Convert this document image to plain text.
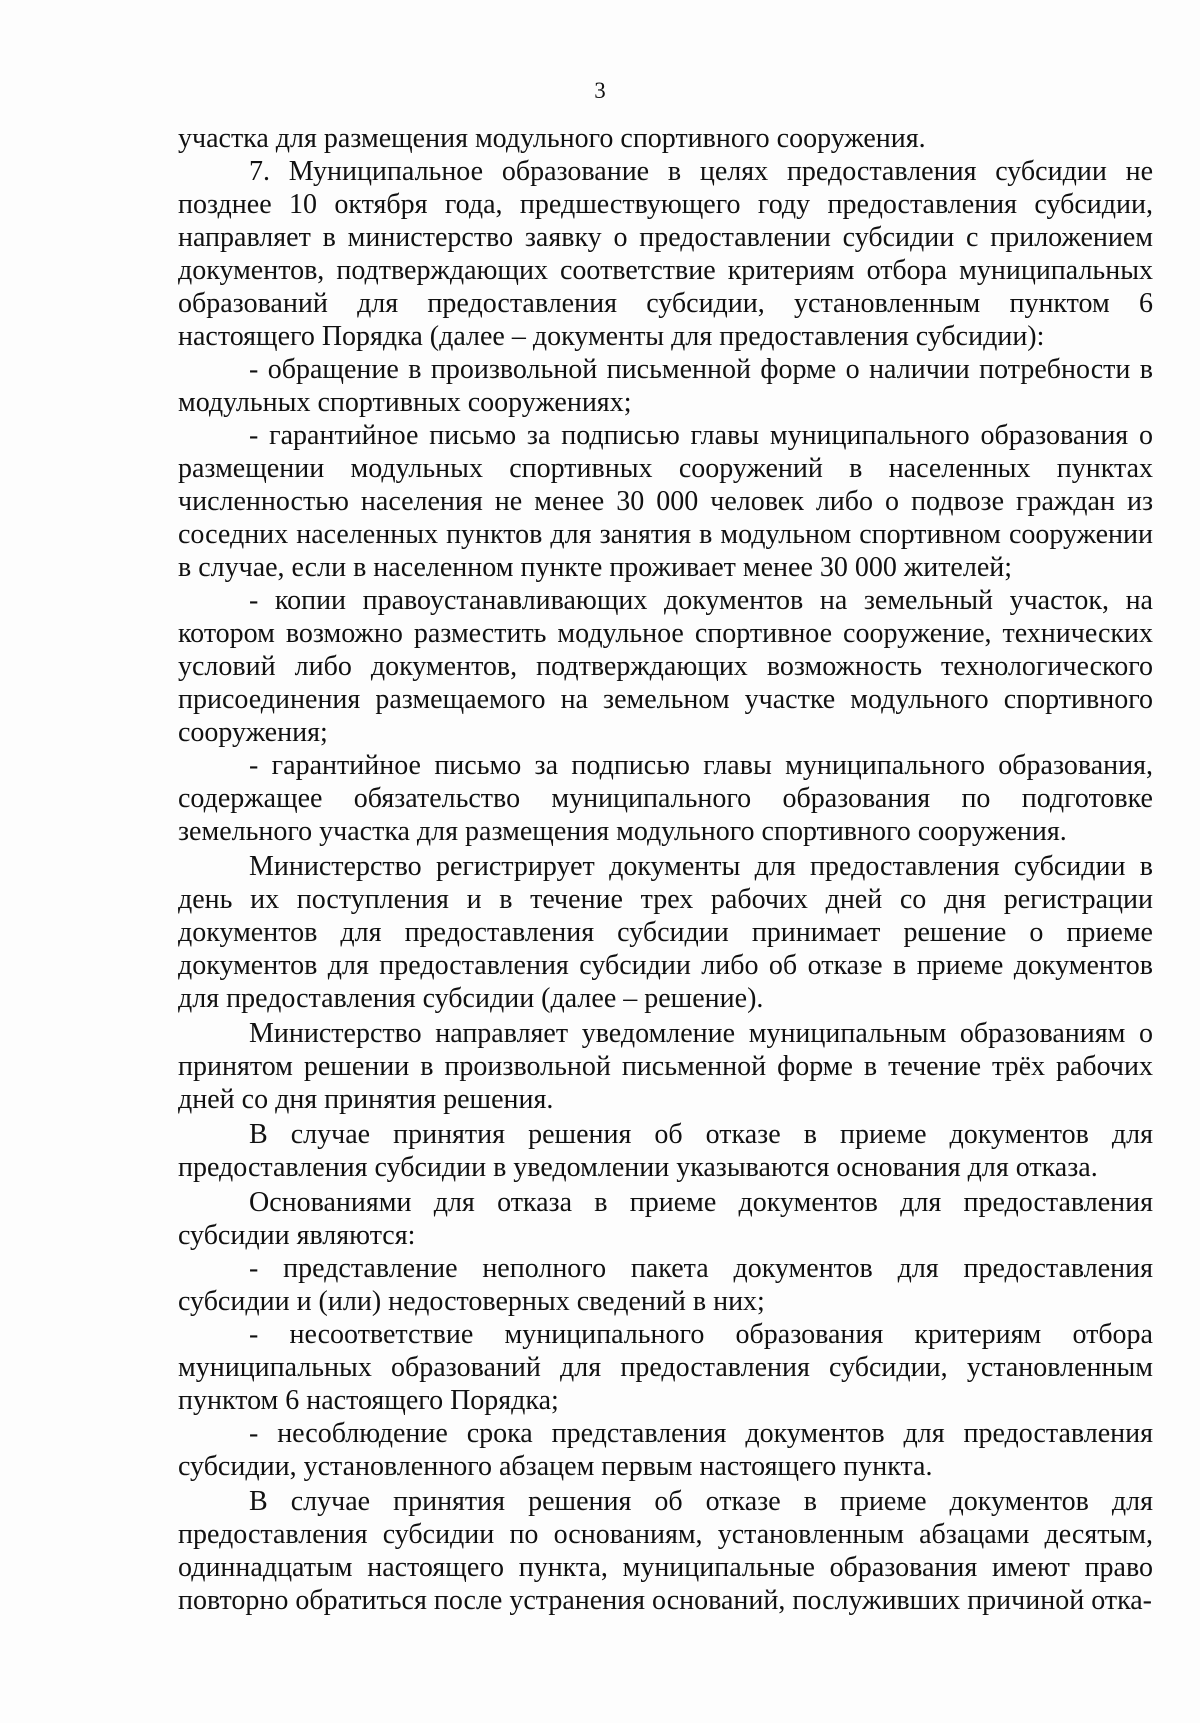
3

участка для размещения модульного спортивного сооружения.

7. Муниципальное образование в целях предоставления субсидии не позднее 10 октября года, предшествующего году предоставления субсидии, направляет в министерство заявку о предоставлении субсидии с приложением документов, подтверждающих соответствие критериям отбора муниципальных образований для предоставления субсидии, установленным пунктом 6 настоящего Порядка (далее – документы для предоставления субсидии):

- обращение в произвольной письменной форме о наличии потребности в модульных спортивных сооружениях;

- гарантийное письмо за подписью главы муниципального образования о размещении модульных спортивных сооружений в населенных пунктах численностью населения не менее 30 000 человек либо о подвозе граждан из соседних населенных пунктов для занятия в модульном спортивном сооружении в случае, если в населенном пункте проживает менее 30 000 жителей;

- копии правоустанавливающих документов на земельный участок, на котором возможно разместить модульное спортивное сооружение, технических условий либо документов, подтверждающих возможность технологического присоединения размещаемого на земельном участке модульного спортивного сооружения;

- гарантийное письмо за подписью главы муниципального образования, содержащее обязательство муниципального образования по подготовке земельного участка для размещения модульного спортивного сооружения.

Министерство регистрирует документы для предоставления субсидии в день их поступления и в течение трех рабочих дней со дня регистрации документов для предоставления субсидии принимает решение о приеме документов для предоставления субсидии либо об отказе в приеме документов для предоставления субсидии (далее – решение).

Министерство направляет уведомление муниципальным образованиям о принятом решении в произвольной письменной форме в течение трёх рабочих дней со дня принятия решения.

В случае принятия решения об отказе в приеме документов для предоставления субсидии в уведомлении указываются основания для отказа.

Основаниями для отказа в приеме документов для предоставления субсидии являются:

- представление неполного пакета документов для предоставления субсидии и (или) недостоверных сведений в них;

- несоответствие муниципального образования критериям отбора муниципальных образований для предоставления субсидии, установленным пунктом 6 настоящего Порядка;

- несоблюдение срока представления документов для предоставления субсидии, установленного абзацем первым настоящего пункта.

В случае принятия решения об отказе в приеме документов для предоставления субсидии по основаниям, установленным абзацами десятым, одиннадцатым настоящего пункта, муниципальные образования имеют право повторно обратиться после устранения оснований, послуживших причиной отка-
